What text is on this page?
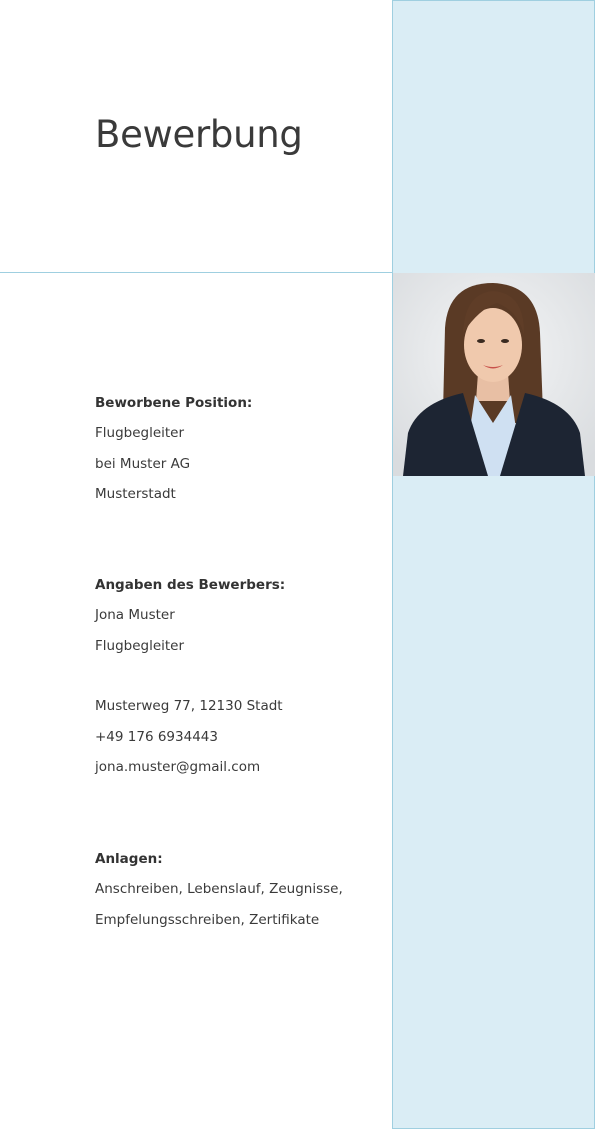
Bewerbung

Beworbene Position:

Flugbegleiter

bei Muster AG

Musterstadt

Angaben des Bewerbers:

Jona Muster

Flugbegleiter

Musterweg 77, 12130 Stadt

+49 176 6934443

jona.muster@gmail.com

Anlagen:

Anschreiben, Lebenslauf, Zeugnisse,

Empfelungsschreiben, Zertifikate
